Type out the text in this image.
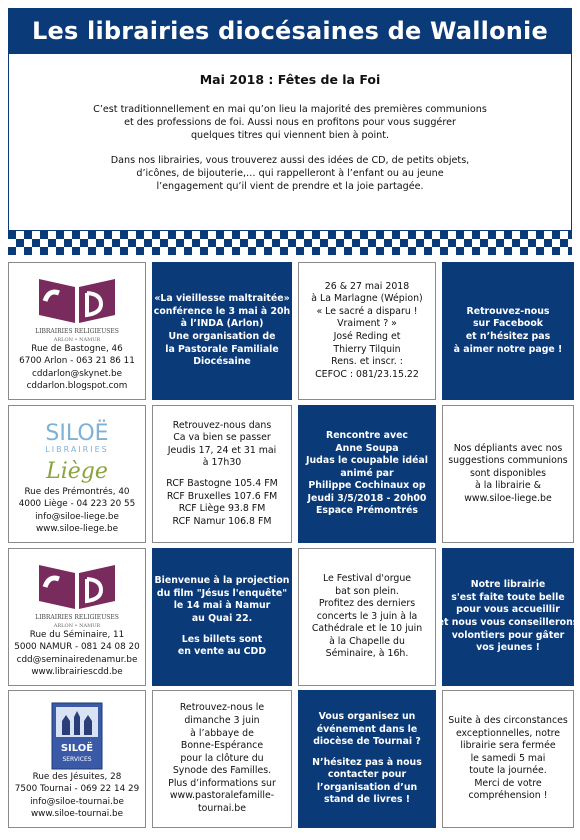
Les librairies diocésaines de Wallonie
Mai 2018 : Fêtes de la Foi
C’est traditionnellement en mai qu’on lieu la majorité des premières communions
et des professions de foi. Aussi nous en profitons pour vous suggérer
quelques titres qui viennent bien à point.
Dans nos librairies, vous trouverez aussi des idées de CD, de petits objets,
d’icônes, de bijouterie,… qui rappelleront à l’enfant ou au jeune
l’engagement qu’il vient de prendre et la joie partagée.
LIBRAIRIES RELIGIEUSES
ARLON • NAMUR
Rue de Bastogne, 46
6700 Arlon - 063 21 86 11
cddarlon@skynet.be
cddarlon.blogspot.com
«La vieillesse maltraitée»
conférence le 3 mai à 20h
à l’INDA (Arlon)
Une organisation de
la Pastorale Familiale
Diocésaine
26 & 27 mai 2018
à La Marlagne (Wépion)
« Le sacré a disparu !
Vraiment ? »
José Reding et
Thierry Tilquin
Rens. et inscr. :
CEFOC : 081/23.15.22
Retrouvez-nous
sur Facebook
et n’hésitez pas
à aimer notre page !
SILOË
LIBRAIRIES
Liège
Rue des Prémontrés, 40
4000 Liège - 04 223 20 55
info@siloe-liege.be
www.siloe-liege.be
Retrouvez-nous dans
Ca va bien se passer
Jeudis 17, 24 et 31 mai
à 17h30
RCF Bastogne 105.4 FM
RCF Bruxelles 107.6 FM
RCF Liège 93.8 FM
RCF Namur 106.8 FM
Rencontre avec
Anne Soupa
Judas le coupable idéal
animé par
Philippe Cochinaux op
Jeudi 3/5/2018 - 20h00
Espace Prémontrés
Nos dépliants avec nos
suggestions communions
sont disponibles
à la librairie &
www.siloe-liege.be
LIBRAIRIES RELIGIEUSES
ARLON • NAMUR
Rue du Séminaire, 11
5000 NAMUR - 081 24 08 20
cdd@seminairedenamur.be
www.librairiescdd.be
Bienvenue à la projection
du film "Jésus l'enquête"
le 14 mai à Namur
au Quai 22.
Les billets sont
en vente au CDD
Le Festival d'orgue
bat son plein.
Profitez des derniers
concerts le 3 juin à la
Cathédrale et le 10 juin
à la Chapelle du
Séminaire, à 16h.
Notre librairie
s'est faite toute belle
pour vous accueillir
et nous vous conseillerons
volontiers pour gâter
vos jeunes !
SILOË
SERVICES
Rue des Jésuites, 28
7500 Tournai - 069 22 14 29
info@siloe-tournai.be
www.siloe-tournai.be
Retrouvez-nous le
dimanche 3 juin
à l’abbaye de
Bonne-Espérance
pour la clôture du
Synode des Familles.
Plus d’informations sur
www.pastoralefamille-
tournai.be
Vous organisez un
événement dans le
diocèse de Tournai ?
N’hésitez pas à nous
contacter pour
l’organisation d’un
stand de livres !
Suite à des circonstances
exceptionnelles, notre
librairie sera fermée
le samedi 5 mai
toute la journée.
Merci de votre
compréhension !
